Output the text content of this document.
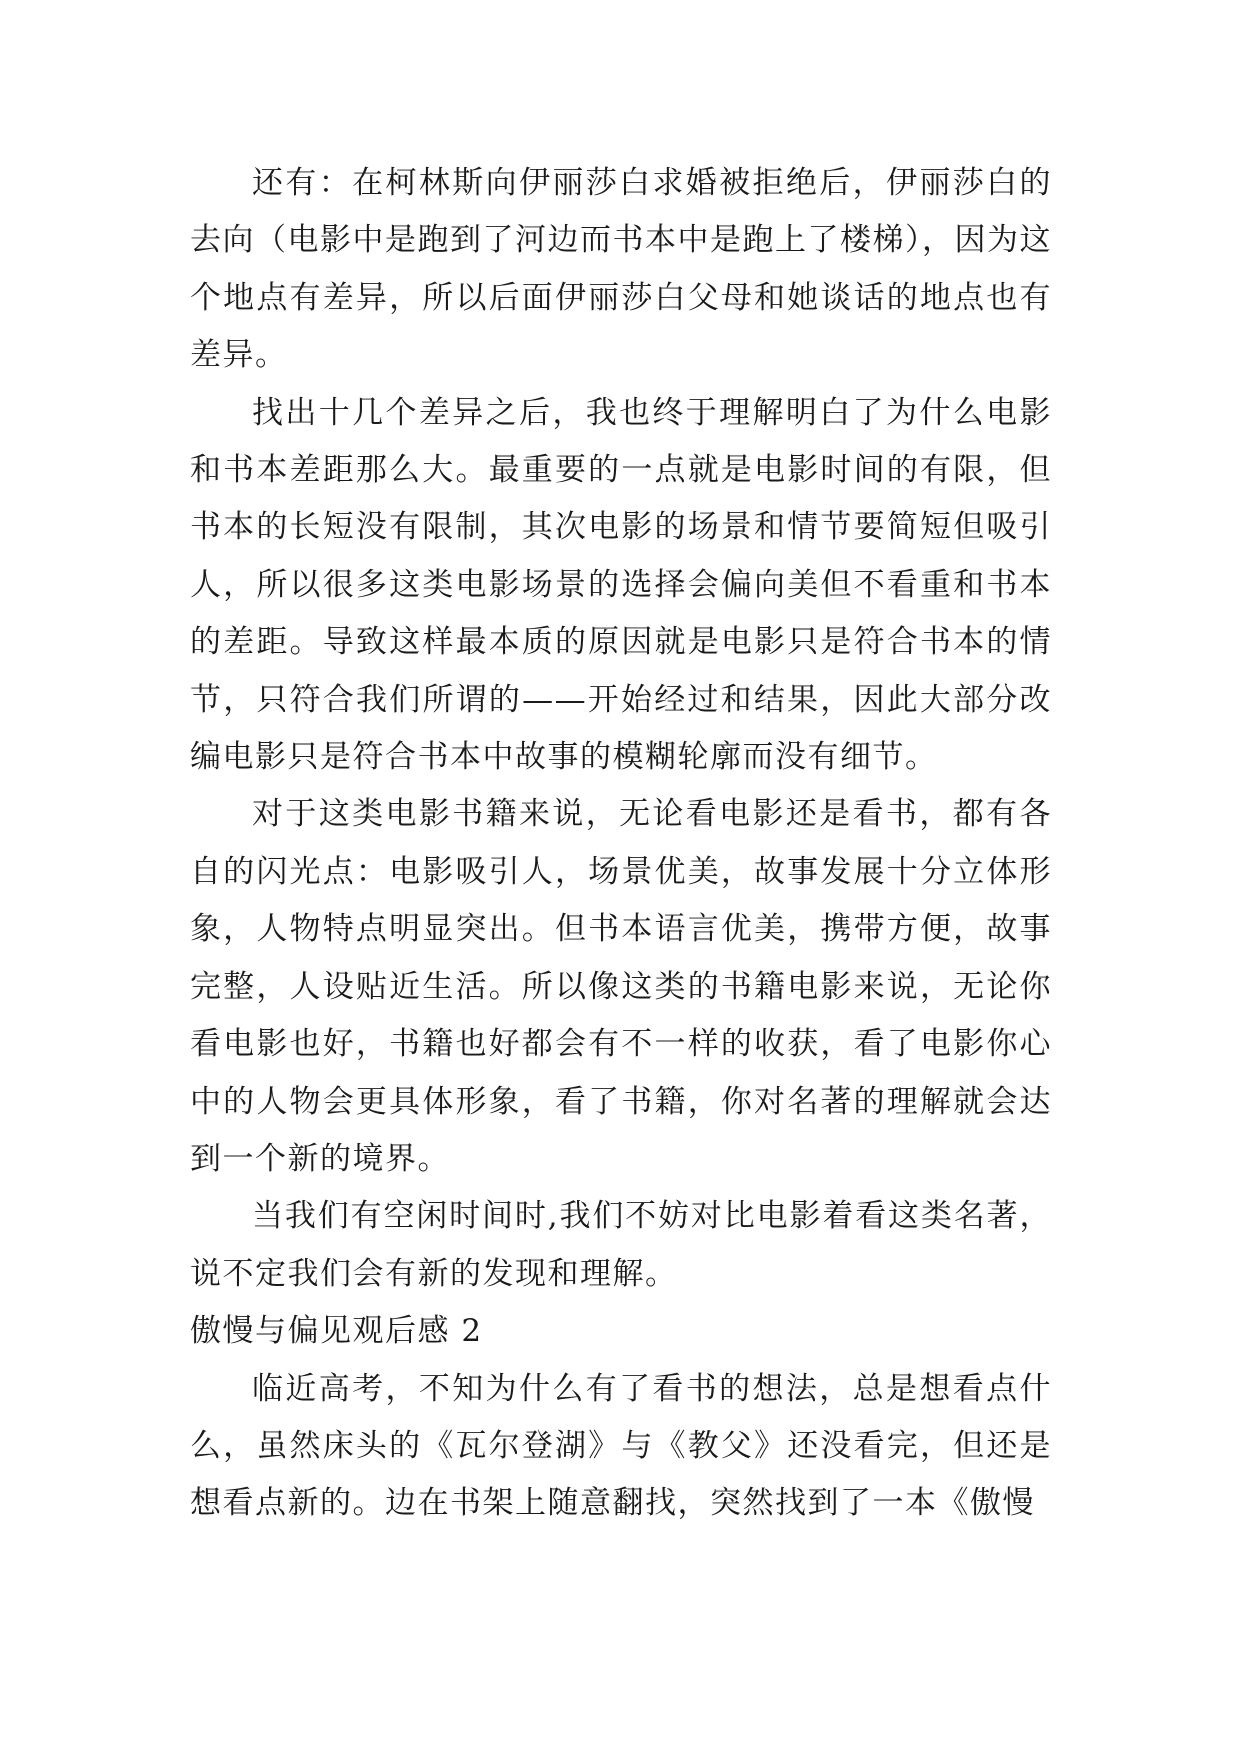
还有：在柯林斯向伊丽莎白求婚被拒绝后，伊丽莎白的去向（电影中是跑到了河边而书本中是跑上了楼梯），因为这个地点有差异，所以后面伊丽莎白父母和她谈话的地点也有差异。

找出十几个差异之后，我也终于理解明白了为什么电影和书本差距那么大。最重要的一点就是电影时间的有限，但书本的长短没有限制，其次电影的场景和情节要简短但吸引人，所以很多这类电影场景的选择会偏向美但不看重和书本的差距。导致这样最本质的原因就是电影只是符合书本的情节，只符合我们所谓的——开始经过和结果，因此大部分改编电影只是符合书本中故事的模糊轮廓而没有细节。

对于这类电影书籍来说，无论看电影还是看书，都有各自的闪光点：电影吸引人，场景优美，故事发展十分立体形象，人物特点明显突出。但书本语言优美，携带方便，故事完整，人设贴近生活。所以像这类的书籍电影来说，无论你看电影也好，书籍也好都会有不一样的收获，看了电影你心中的人物会更具体形象，看了书籍，你对名著的理解就会达到一个新的境界。

当我们有空闲时间时,我们不妨对比电影着看这类名著，说不定我们会有新的发现和理解。

傲慢与偏见观后感 2

临近高考，不知为什么有了看书的想法，总是想看点什么，虽然床头的《瓦尔登湖》与《教父》还没看完，但还是想看点新的。边在书架上随意翻找，突然找到了一本《傲慢
